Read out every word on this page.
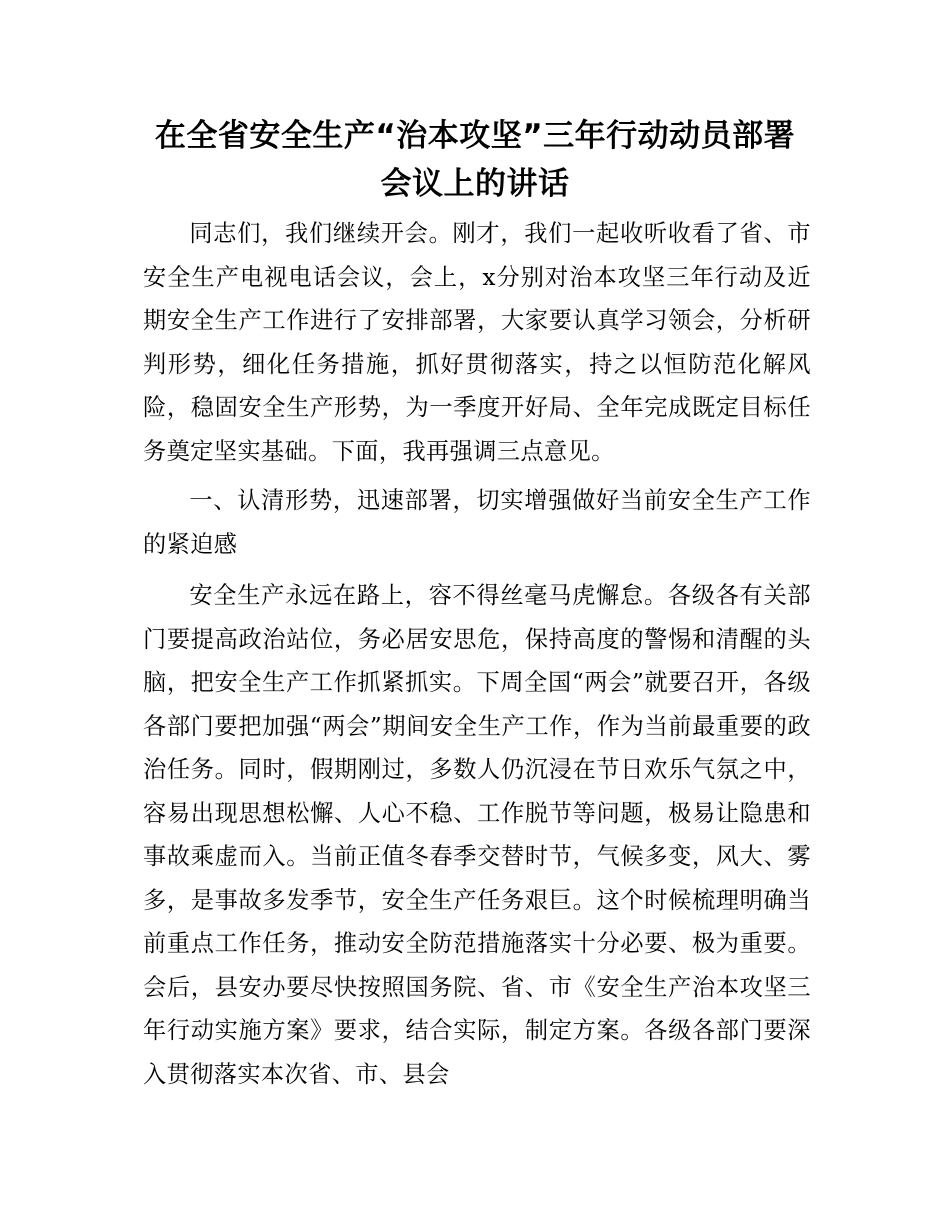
在全省安全生产“治本攻坚”三年行动动员部署会议上的讲话

同志们，我们继续开会。刚才，我们一起收听收看了省、市安全生产电视电话会议，会上，x分别对治本攻坚三年行动及近期安全生产工作进行了安排部署，大家要认真学习领会，分析研判形势，细化任务措施，抓好贯彻落实，持之以恒防范化解风险，稳固安全生产形势，为一季度开好局、全年完成既定目标任务奠定坚实基础。下面，我再强调三点意见。

一、认清形势，迅速部署，切实增强做好当前安全生产工作的紧迫感

安全生产永远在路上，容不得丝毫马虎懈怠。各级各有关部门要提高政治站位，务必居安思危，保持高度的警惕和清醒的头脑，把安全生产工作抓紧抓实。下周全国“两会”就要召开，各级各部门要把加强“两会”期间安全生产工作，作为当前最重要的政治任务。同时，假期刚过，多数人仍沉浸在节日欢乐气氛之中，容易出现思想松懈、人心不稳、工作脱节等问题，极易让隐患和事故乘虚而入。当前正值冬春季交替时节，气候多变，风大、雾多，是事故多发季节，安全生产任务艰巨。这个时候梳理明确当前重点工作任务，推动安全防范措施落实十分必要、极为重要。会后，县安办要尽快按照国务院、省、市《安全生产治本攻坚三年行动实施方案》要求，结合实际，制定方案。各级各部门要深入贯彻落实本次省、市、县会
